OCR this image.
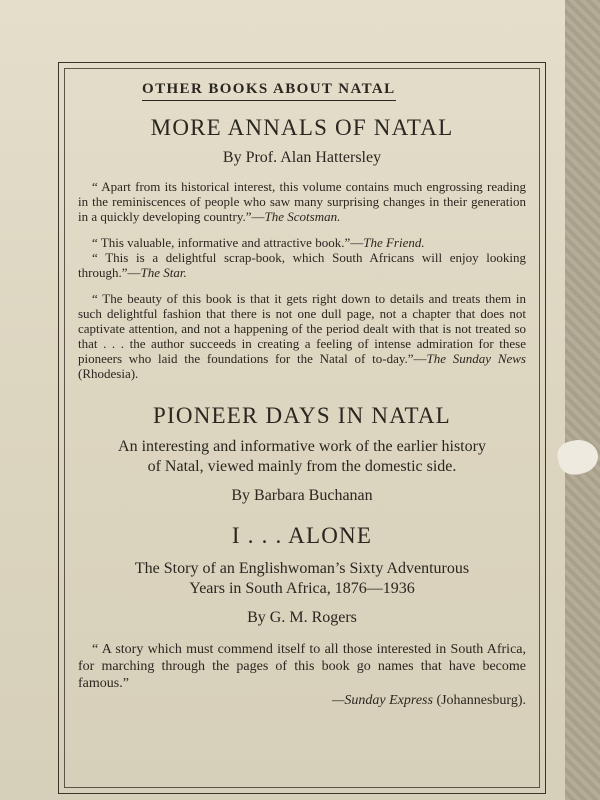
OTHER BOOKS ABOUT NATAL
MORE ANNALS OF NATAL
By Prof. Alan Hattersley

“ Apart from its historical interest, this volume contains much engrossing reading in the reminiscences of people who saw many surprising changes in their generation in a quickly developing country.”—The Scotsman.

“ This valuable, informative and attractive book.”—The Friend.

“ This is a delightful scrap-book, which South Africans will enjoy looking through.”—The Star.

“ The beauty of this book is that it gets right down to details and treats them in such delightful fashion that there is not one dull page, not a chapter that does not captivate attention, and not a happening of the period dealt with that is not treated so that . . . the author succeeds in creating a feeling of intense admiration for these pioneers who laid the foundations for the Natal of to-day.”—The Sunday News (Rhodesia).

PIONEER DAYS IN NATAL
An interesting and informative work of the earlier history
of Natal, viewed mainly from the domestic side.
By Barbara Buchanan
I . . . ALONE
The Story of an Englishwoman’s Sixty Adventurous
Years in South Africa, 1876—1936
By G. M. Rogers

“ A story which must commend itself to all those interested in South Africa, for marching through the pages of this book go names that have become famous.”

—Sunday Express (Johannesburg).
